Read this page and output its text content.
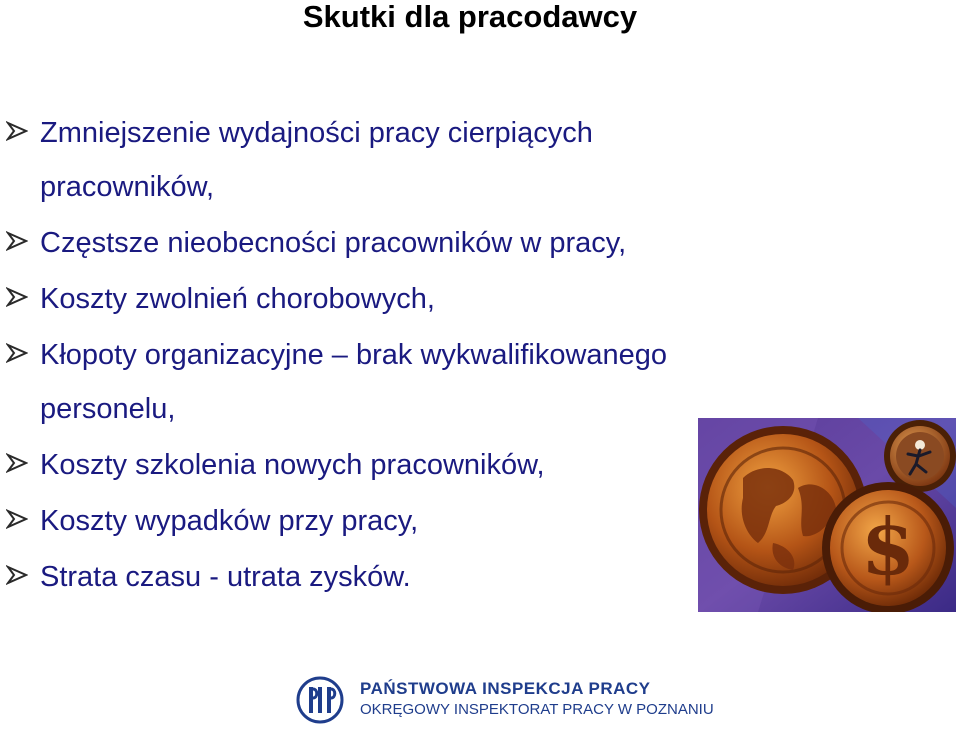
Skutki dla pracodawcy
Zmniejszenie wydajności pracy cierpiących pracowników,
Częstsze nieobecności pracowników w pracy,
Koszty zwolnień chorobowych,
Kłopoty organizacyjne – brak wykwalifikowanego personelu,
Koszty szkolenia nowych pracowników,
Koszty wypadków przy pracy,
Strata czasu - utrata zysków.	$
PAŃSTWOWA INSPEKCJA PRACY
OKRĘGOWY INSPEKTORAT PRACY W POZNANIU
